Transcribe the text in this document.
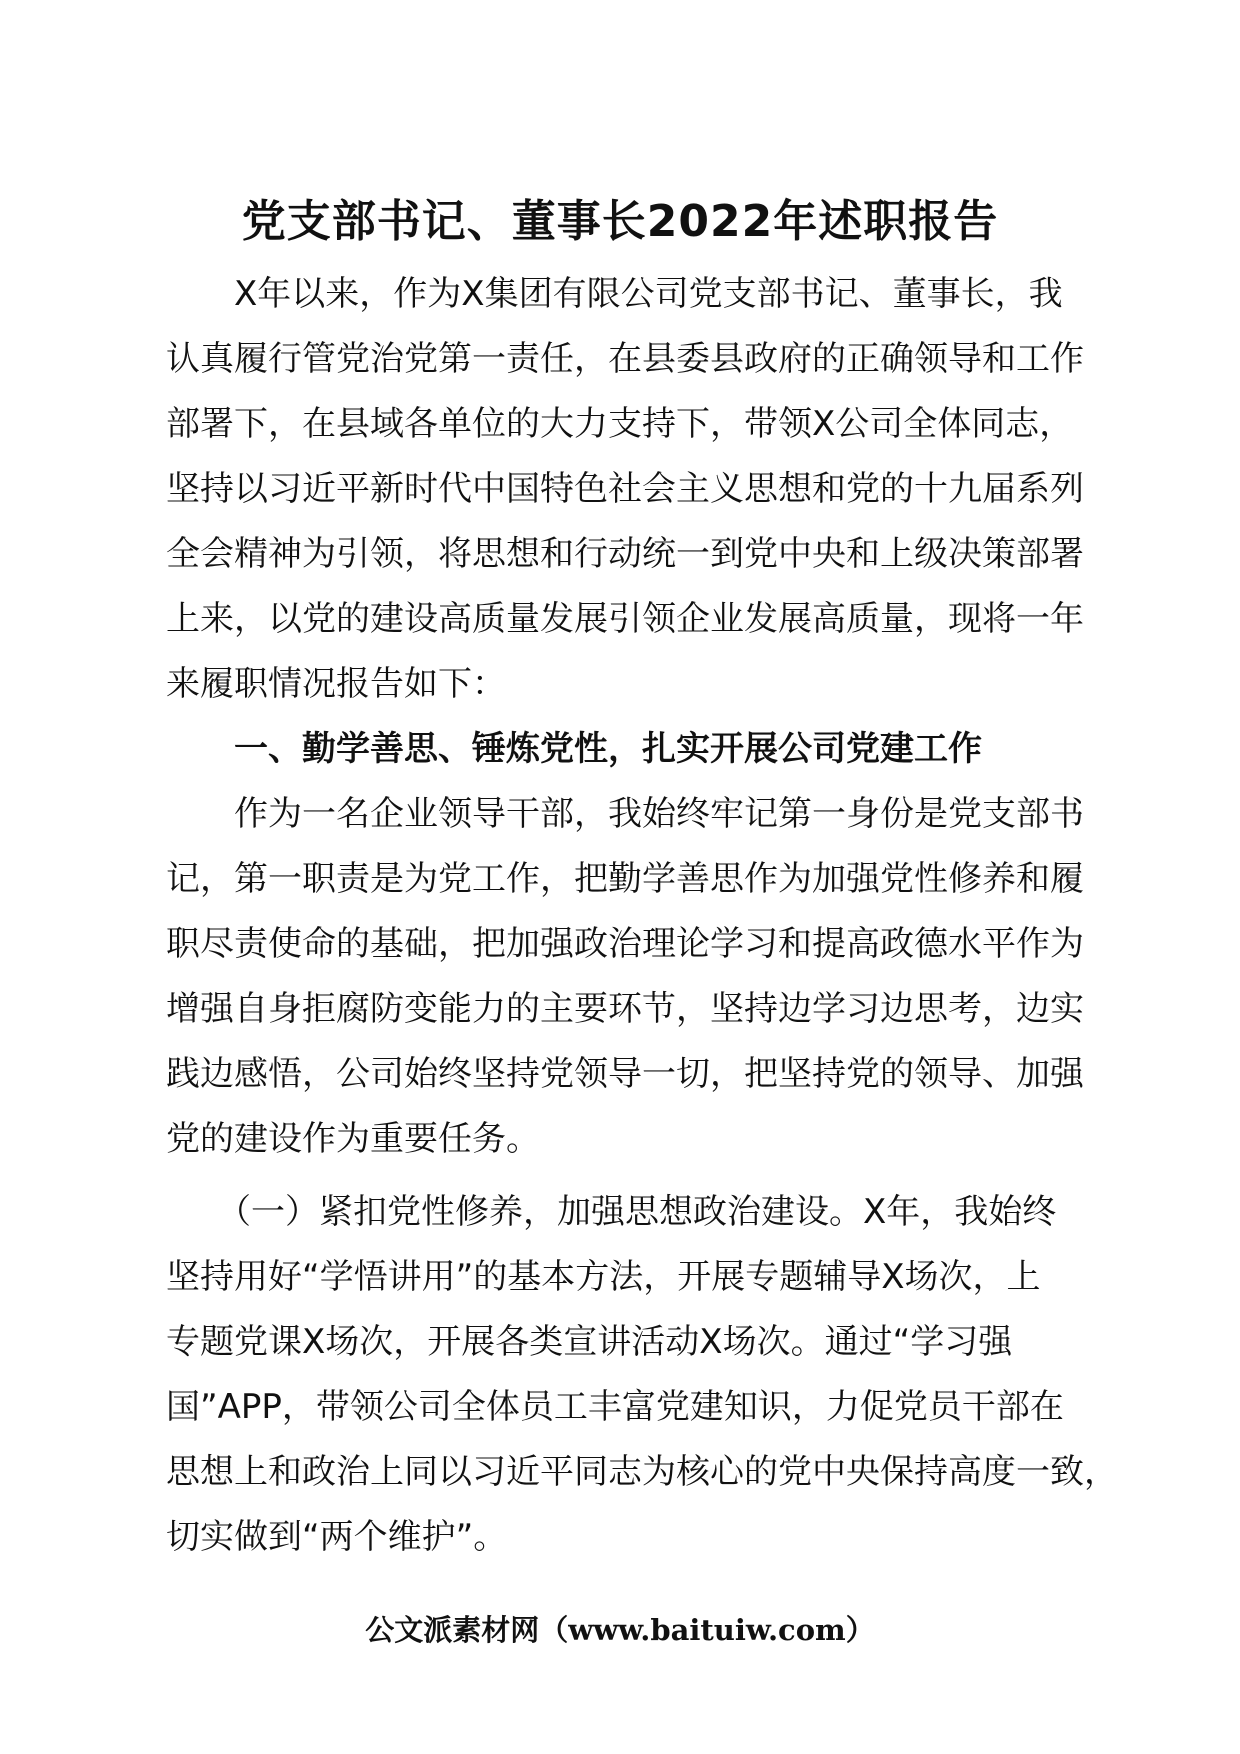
党支部书记、董事长2022年述职报告
　　X年以来，作为X集团有限公司党支部书记、董事长，我
认真履行管党治党第一责任，在县委县政府的正确领导和工作
部署下，在县域各单位的大力支持下，带领X公司全体同志，
坚持以习近平新时代中国特色社会主义思想和党的十九届系列
全会精神为引领，将思想和行动统一到党中央和上级决策部署
上来，以党的建设高质量发展引领企业发展高质量，现将一年
来履职情况报告如下：
　　一、勤学善思、锤炼党性，扎实开展公司党建工作
　　作为一名企业领导干部，我始终牢记第一身份是党支部书
记，第一职责是为党工作，把勤学善思作为加强党性修养和履
职尽责使命的基础，把加强政治理论学习和提高政德水平作为
增强自身拒腐防变能力的主要环节，坚持边学习边思考，边实
践边感悟，公司始终坚持党领导一切，把坚持党的领导、加强
党的建设作为重要任务。
　　（一）紧扣党性修养，加强思想政治建设。X年，我始终
坚持用好“学悟讲用”的基本方法，开展专题辅导X场次，上
专题党课X场次，开展各类宣讲活动X场次。通过“学习强
国”APP，带领公司全体员工丰富党建知识，力促党员干部在
思想上和政治上同以习近平同志为核心的党中央保持高度一致，
切实做到“两个维护”。
公文派素材网（www.baituiw.com）
